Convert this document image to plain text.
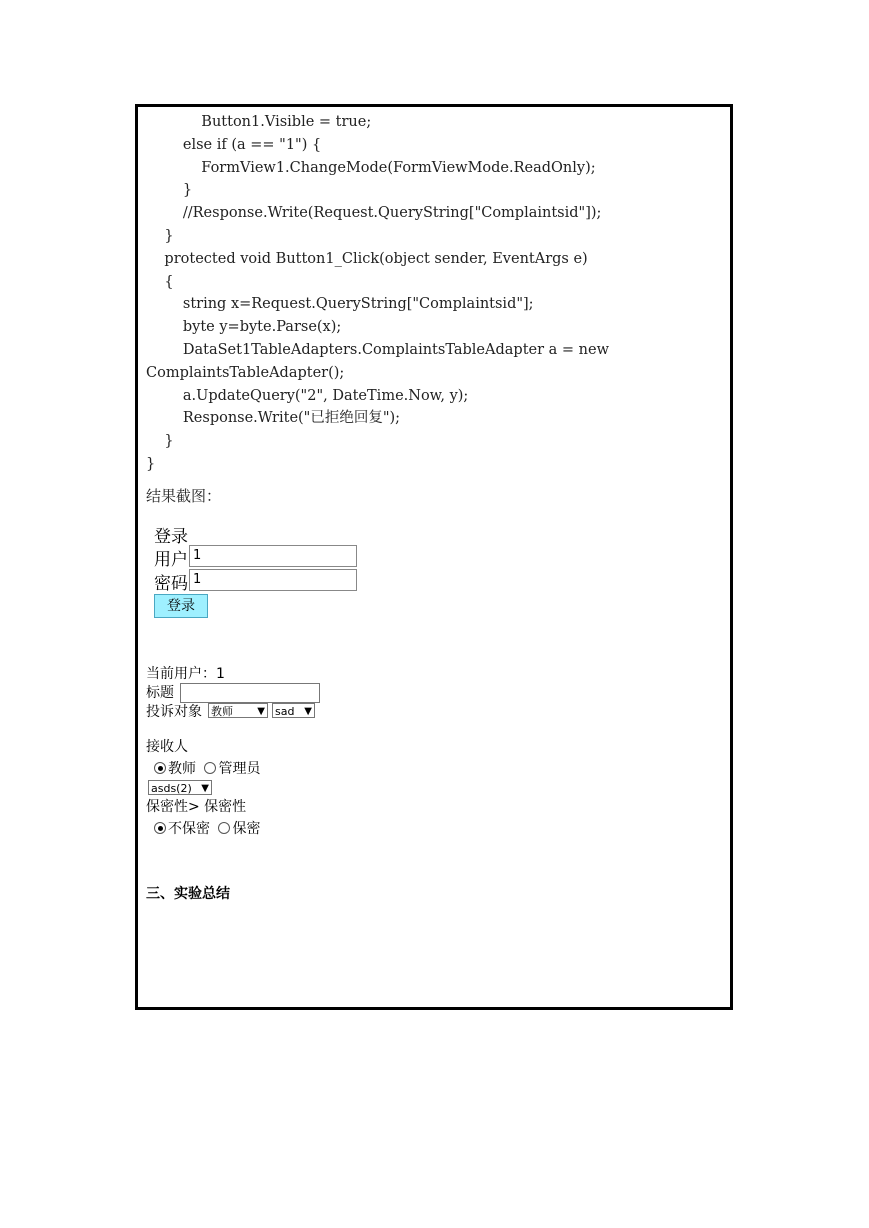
Button1.Visible = true;
else if (a == "1") {
FormView1.ChangeMode(FormViewMode.ReadOnly);
}
//Response.Write(Request.QueryString["Complaintsid"]);
}
protected void Button1_Click(object sender, EventArgs e)
{
string x=Request.QueryString["Complaintsid"];
byte y=byte.Parse(x);
DataSet1TableAdapters.ComplaintsTableAdapter a = new
ComplaintsTableAdapter();
a.UpdateQuery("2", DateTime.Now, y);
Response.Write("已拒绝回复");
}
}
结果截图：
登录
用户 1
密码 1
登录
当前用户：1
标题
投诉对象 教师 ▼ sad ▼
接收人
教师 管理员
asds(2) ▼
保密性> 保密性
不保密 保密
三、实验总结
